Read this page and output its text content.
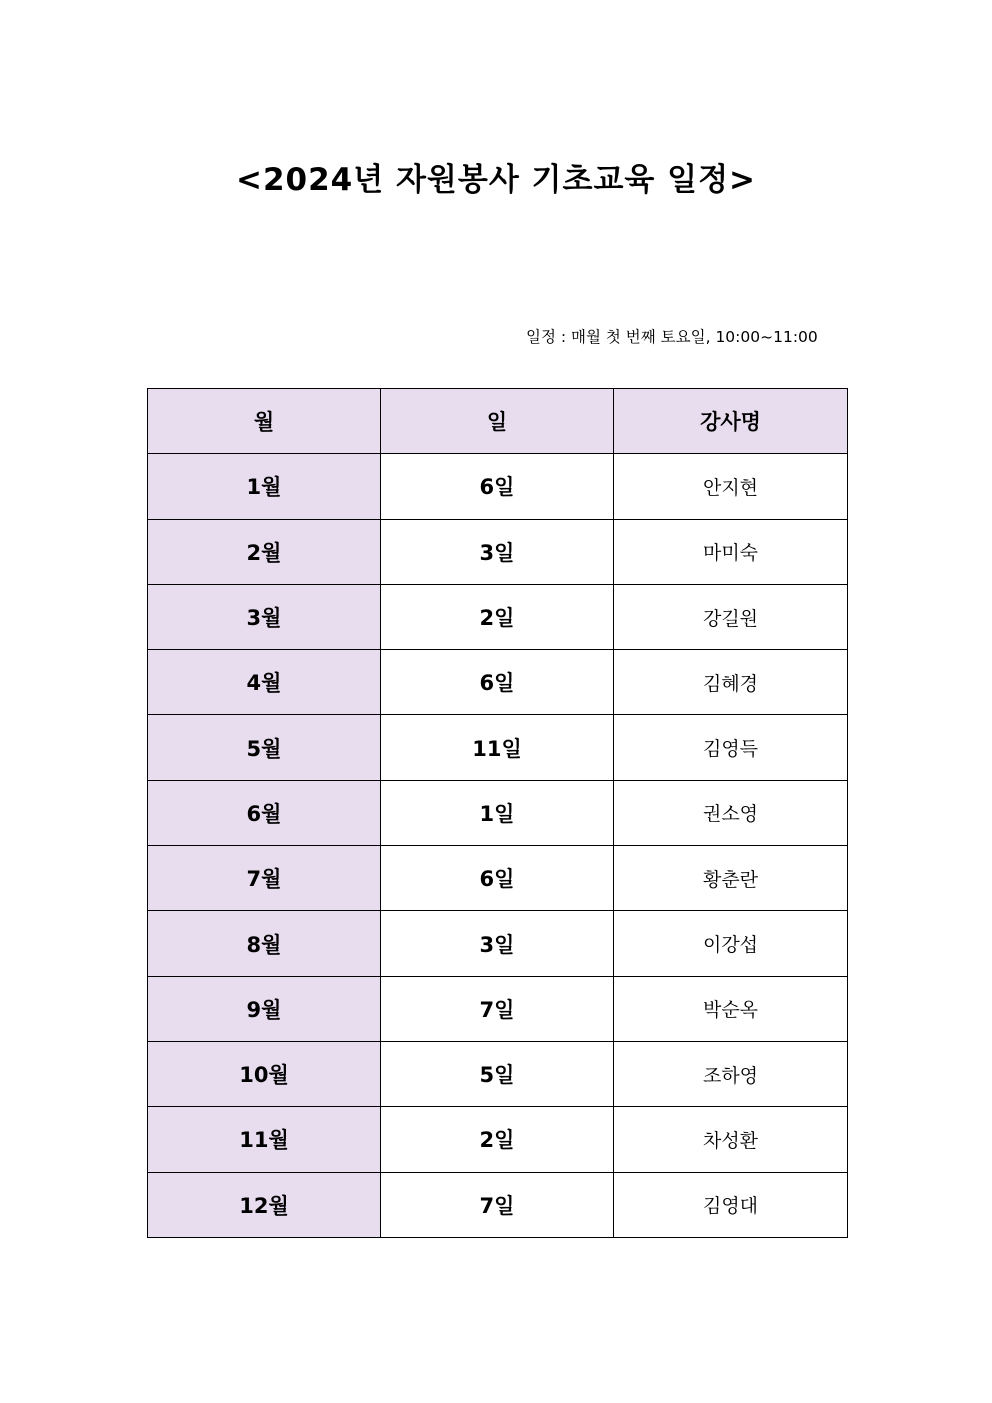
<2024년 자원봉사 기초교육 일정>

일정 : 매월 첫 번째 토요일, 10:00~11:00

월	일	강사명
1월	6일	안지현
2월	3일	마미숙
3월	2일	강길원
4월	6일	김혜경
5월	11일	김영득
6월	1일	권소영
7월	6일	황춘란
8월	3일	이강섭
9월	7일	박순옥
10월	5일	조하영
11월	2일	차성환
12월	7일	김영대
